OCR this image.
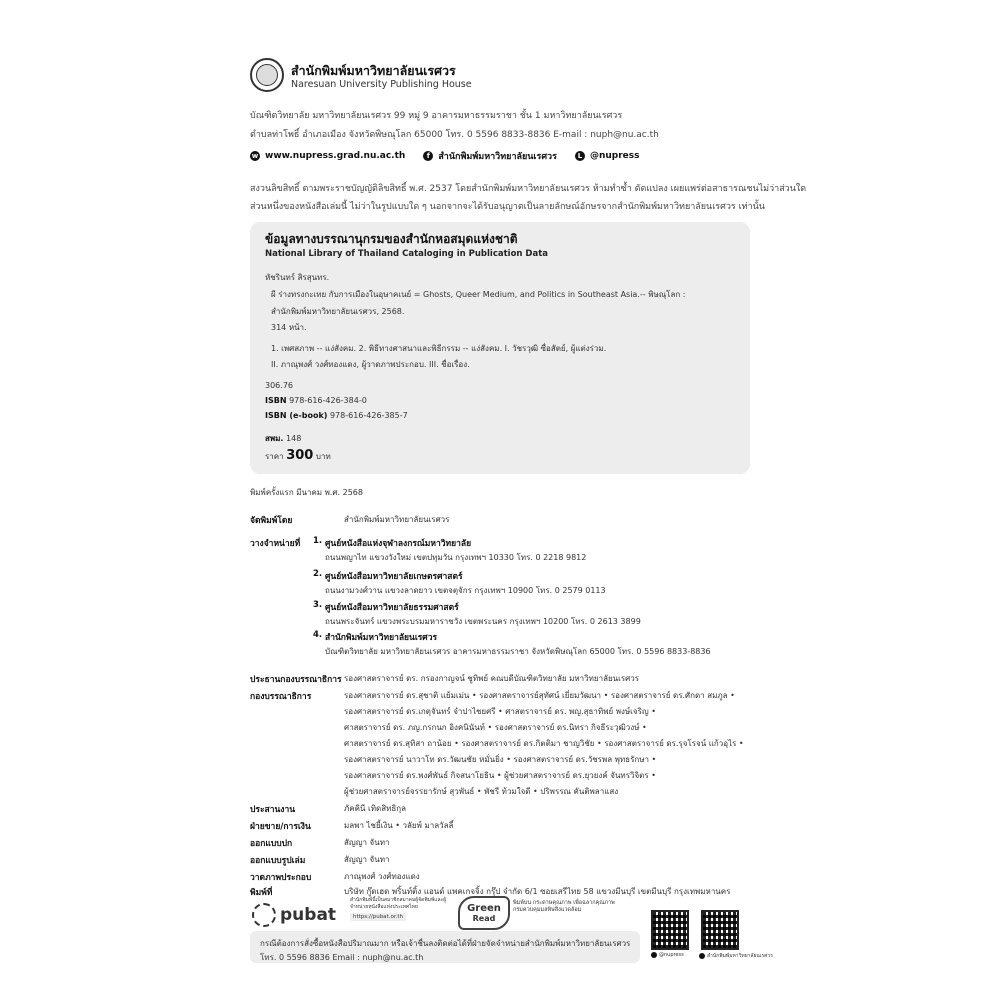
สำนักพิมพ์มหาวิทยาลัยนเรศวร
Naresuan University Publishing House
บัณฑิตวิทยาลัย มหาวิทยาลัยนเรศวร 99 หมู่ 9 อาคารมหาธรรมราชา ชั้น 1 มหาวิทยาลัยนเรศวร
ตำบลท่าโพธิ์ อำเภอเมือง จังหวัดพิษณุโลก 65000 โทร. 0 5596 8833-8836 E-mail : nuph@nu.ac.th
w www.nupress.grad.nu.ac.th	f สำนักพิมพ์มหาวิทยาลัยนเรศวร	L @nupress
สงวนลิขสิทธิ์ ตามพระราชบัญญัติลิขสิทธิ์ พ.ศ. 2537 โดยสำนักพิมพ์มหาวิทยาลัยนเรศวร ห้ามทำซ้ำ ดัดแปลง เผยแพร่ต่อสาธารณชนไม่ว่าส่วนใด
ส่วนหนึ่งของหนังสือเล่มนี้ ไม่ว่าในรูปแบบใด ๆ นอกจากจะได้รับอนุญาตเป็นลายลักษณ์อักษรจากสำนักพิมพ์มหาวิทยาลัยนเรศวร เท่านั้น
ข้อมูลทางบรรณานุกรมของสำนักหอสมุดแห่งชาติ
National Library of Thailand Cataloging in Publication Data
หัชรินทร์ สิรสุนทร.
ผี ร่างทรงกะเทย กับการเมืองในอุษาคเนย์ = Ghosts, Queer Medium, and Politics in Southeast Asia.-- พิษณุโลก :
สำนักพิมพ์มหาวิทยาลัยนเรศวร, 2568.
314 หน้า.
1. เพศสภาพ -- แง่สังคม. 2. พิธีทางศาสนาและพิธีกรรม -- แง่สังคม. I. วัชรวุฒิ ซื่อสัตย์, ผู้แต่งร่วม.
II. ภาณุพงศ์ วงศ์ทองแดง, ผู้วาดภาพประกอบ. III. ชื่อเรื่อง.
306.76
ISBN 978-616-426-384-0
ISBN (e-book) 978-616-426-385-7
สพม. 148
ราคา 300 บาท
พิมพ์ครั้งแรก มีนาคม พ.ศ. 2568
จัดพิมพ์โดย	สำนักพิมพ์มหาวิทยาลัยนเรศวร
วางจำหน่ายที่ 1. ศูนย์หนังสือแห่งจุฬาลงกรณ์มหาวิทยาลัย
ถนนพญาไท แขวงวังใหม่ เขตปทุมวัน กรุงเทพฯ 10330 โทร. 0 2218 9812
2. ศูนย์หนังสือมหาวิทยาลัยเกษตรศาสตร์
ถนนงามวงศ์วาน แขวงลาดยาว เขตจตุจักร กรุงเทพฯ 10900 โทร. 0 2579 0113
3. ศูนย์หนังสือมหาวิทยาลัยธรรมศาสตร์
ถนนพระจันทร์ แขวงพระบรมมหาราชวัง เขตพระนคร กรุงเทพฯ 10200 โทร. 0 2613 3899
4. สำนักพิมพ์มหาวิทยาลัยนเรศวร
บัณฑิตวิทยาลัย มหาวิทยาลัยนเรศวร อาคารมหาธรรมราชา จังหวัดพิษณุโลก 65000 โทร. 0 5596 8833-8836
ประธานกองบรรณาธิการ รองศาสตราจารย์ ดร. กรองกาญจน์ ชูทิพย์ คณบดีบัณฑิตวิทยาลัย มหาวิทยาลัยนเรศวร
กองบรรณาธิการ	รองศาสตราจารย์ ดร.สุชาติ แย้มเม่น • รองศาสตราจารย์สุทัศน์ เยี่ยมวัฒนา • รองศาสตราจารย์ ดร.ศักดา สมภูล •
รองศาสตราจารย์ ดร.เกตุจันทร์ จำปาไชยศรี • ศาสตราจารย์ ดร. พญ.สุธาทิพย์ พงษ์เจริญ •
ศาสตราจารย์ ดร. ภญ.กรกนก อิงคนินันท์ • รองศาสตราจารย์ ดร.นิทรา กิจธีระวุฒิวงษ์ •
ศาสตราจารย์ ดร.สุทิสา ถาน้อย • รองศาสตราจารย์ ดร.กิตติมา ชาญวิชัย • รองศาสตราจารย์ ดร.รุจโรจน์ แก้วอุไร •
รองศาสตราจารย์ นาวาโท ดร.วัฒนชัย หมั่นยิ่ง • รองศาสตราจารย์ ดร.วัชรพล พุทธรักษา •
รองศาสตราจารย์ ดร.พงศ์พันธ์ กิจสนาโยธิน • ผู้ช่วยศาสตราจารย์ ดร.ยุวยงค์ จันทรวิจิตร •
ผู้ช่วยศาสตราจารย์จรรยารักษ์ สุวพันธ์ • พัชรี ท้วมใจดี • ปริพรรณ คันติพลาแสง
ประสานงาน	ภัคคินี เทิดสิทธิกุล
ฝ่ายขาย/การเงิน	มลพา ไชยี้เงิน • วลัยพ์ มาลวัลลี์
ออกแบบปก	สัญญา จันทา
ออกแบบรูปเล่ม	สัญญา จันทา
วาดภาพประกอบ	ภาณุพงศ์ วงศ์ทองแดง
พิมพ์ที่	บริษัท กู๊ดเฮด พริ้นท์ติ้ง แอนด์ แพคเกจจิ้ง กรุ๊ป จำกัด 6/1 ซอยเสรีไทย 58 แขวงมีนบุรี เขตมีนบุรี กรุงเทพมหานคร
pubat
สำนักพิมพ์นี้เป็นสมาชิกสมาคมผู้จัดพิมพ์และผู้จำหน่ายหนังสือแห่งประเทศไทย
https://pubat.or.th
Green
Read
พิมพ์บน กระดาษคุณภาพ เพื่อฉลากคุณภาพ กรมควบคุมมลพิษสิ่งแวดล้อม
@nupress	สำนักพิมพ์มหาวิทยาลัยนเรศวร
กรณีต้องการสั่งซื้อหนังสือปริมาณมาก หรือเจ้าชื่นลงติดต่อได้ที่ฝ่ายจัดจำหน่ายสำนักพิมพ์มหาวิทยาลัยนเรศวร
โทร. 0 5596 8836 Email : nuph@nu.ac.th
